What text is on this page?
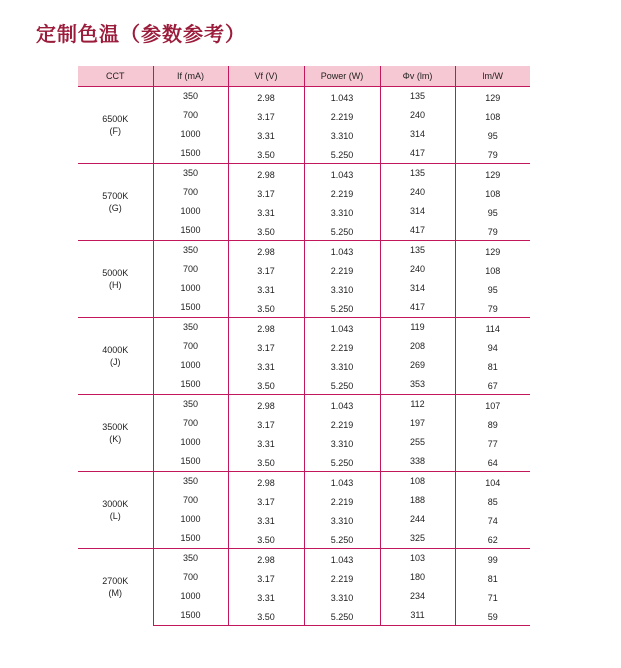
定制色温（参数参考）
CCT	If (mA)	Vf (V)	Power (W)	Φv (lm)	lm/W

6500K
(F)	350	2.98	1.043	135	129
	700	3.17	2.219	240	108
	1000	3.31	3.310	314	95
	1500	3.50	5.250	417	79

5700K
(G)	350	2.98	1.043	135	129
	700	3.17	2.219	240	108
	1000	3.31	3.310	314	95
	1500	3.50	5.250	417	79

5000K
(H)	350	2.98	1.043	135	129
	700	3.17	2.219	240	108
	1000	3.31	3.310	314	95
	1500	3.50	5.250	417	79

4000K
(J)	350	2.98	1.043	119	114
	700	3.17	2.219	208	94
	1000	3.31	3.310	269	81
	1500	3.50	5.250	353	67

3500K
(K)	350	2.98	1.043	112	107
	700	3.17	2.219	197	89
	1000	3.31	3.310	255	77
	1500	3.50	5.250	338	64

3000K
(L)	350	2.98	1.043	108	104
	700	3.17	2.219	188	85
	1000	3.31	3.310	244	74
	1500	3.50	5.250	325	62

2700K
(M)	350	2.98	1.043	103	99
	700	3.17	2.219	180	81
	1000	3.31	3.310	234	71
	1500	3.50	5.250	311	59
